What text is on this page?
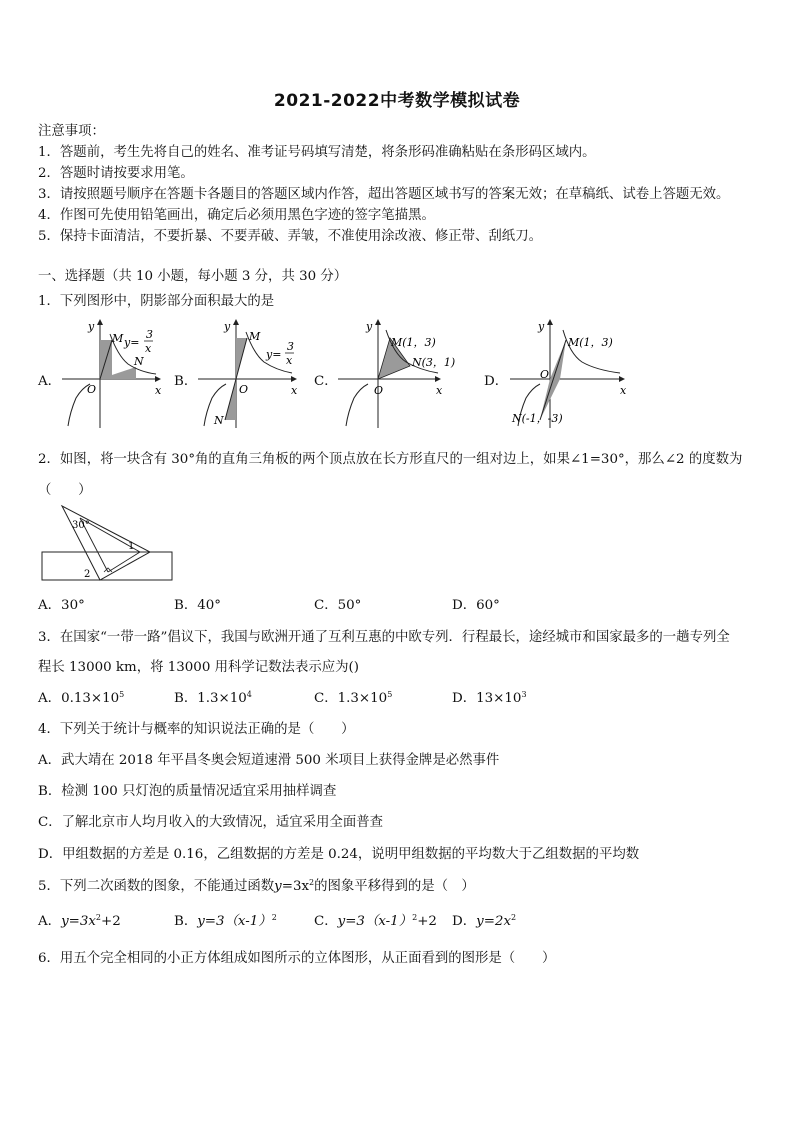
2021-2022中考数学模拟试卷
注意事项：
1．答题前，考生先将自己的姓名、准考证号码填写清楚，将条形码准确粘贴在条形码区域内。
2．答题时请按要求用笔。
3．请按照题号顺序在答题卡各题目的答题区域内作答，超出答题区域书写的答案无效；在草稿纸、试卷上答题无效。
4．作图可先使用铅笔画出，确定后必须用黑色字迹的签字笔描黑。
5．保持卡面清洁，不要折暴、不要弄破、弄皱，不准使用涂改液、修正带、刮纸刀。
一、选择题（共 10 小题，每小题 3 分，共 30 分）
1．下列图形中，阴影部分面积最大的是
A．	B．	C．	D．
y
x
O
M
N
y=
3
x
y
x
O
M
N
y=
3
x
y
x
O
M(1，3)
N(3，1)
y
x
O
M(1，3)
N(-1，-3)
2．如图，将一块含有 30°角的直角三角板的两个顶点放在长方形直尺的一组对边上，如果∠1=30°，那么∠2 的度数为
（　　）
30°
1
2
A．30°	B．40°	C．50°	D．60°
3．在国家“一带一路”倡议下，我国与欧洲开通了互利互惠的中欧专列．行程最长，途经城市和国家最多的一趟专列全
程长 13000 km，将 13000 用科学记数法表示应为()
A．$0.13\times 10^5$	B．$1.3\times 10^4$	C．$1.3\times 10^5$	D．$13\times 10^3$
4．下列关于统计与概率的知识说法正确的是（　　）
A．武大靖在 2018 年平昌冬奥会短道速滑 500 米项目上获得金牌是必然事件
B．检测 100 只灯泡的质量情况适宜采用抽样调查
C．了解北京市人均月收入的大致情况，适宜采用全面普查
D．甲组数据的方差是 0.16，乙组数据的方差是 0.24，说明甲组数据的平均数大于乙组数据的平均数
5．下列二次函数的图象，不能通过函数$y=3x^2$的图象平移得到的是（　）
A．$y=3x^2+2$	B．$y=3(x-1)^2$	C．$y=3(x-1)^2+2$ D．$y=2x^2$
6．用五个完全相同的小正方体组成如图所示的立体图形，从正面看到的图形是（　　）
